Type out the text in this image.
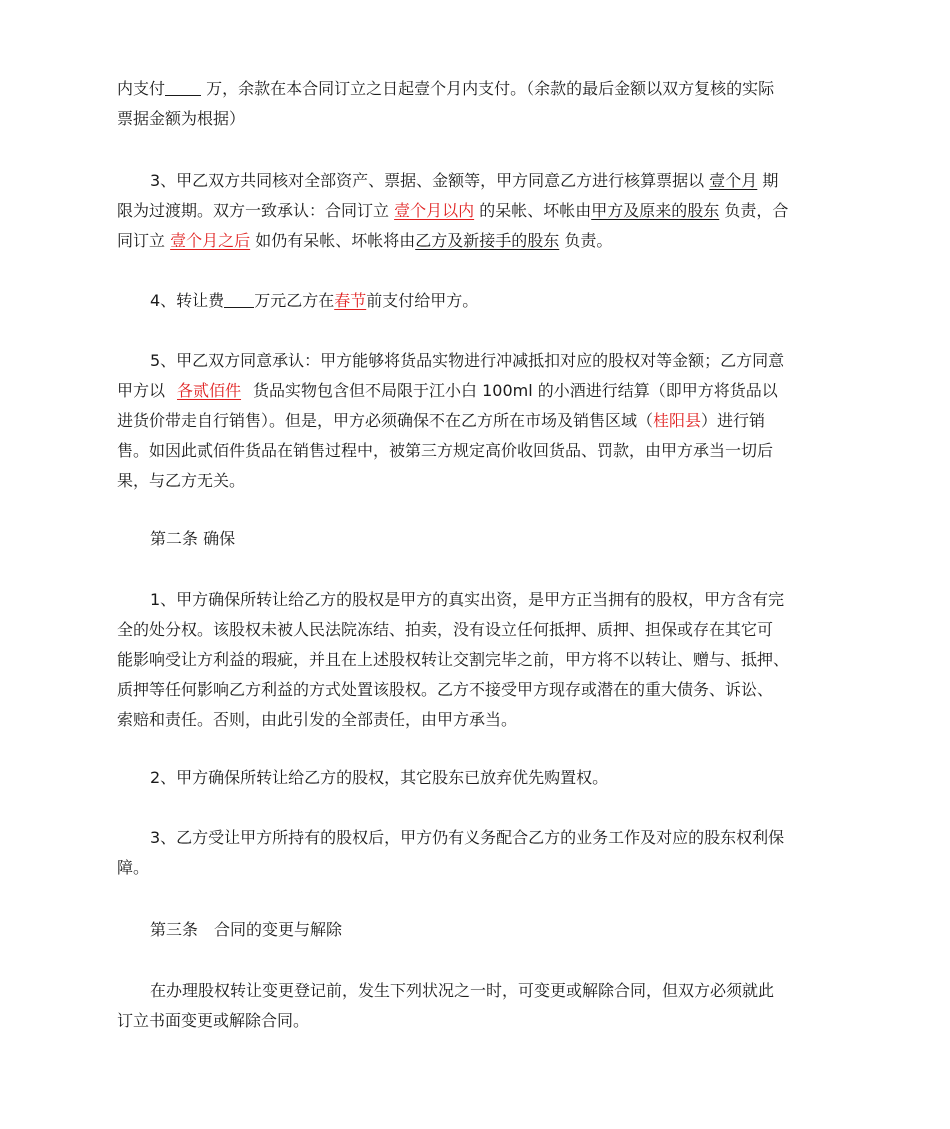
内支付 万，余款在本合同订立之日起壹个月内支付。（余款的最后金额以双方复核的实际
票据金额为根据）
3、甲乙双方共同核对全部资产、票据、金额等，甲方同意乙方进行核算票据以 壹个月 期
限为过渡期。双方一致承认：合同订立 壹个月以内 的呆帐、坏帐由甲方及原来的股东 负责，合
同订立 壹个月之后 如仍有呆帐、坏帐将由乙方及新接手的股东 负责。
4、转让费 万元乙方在春节前支付给甲方。
5、甲乙双方同意承认：甲方能够将货品实物进行冲减抵扣对应的股权对等金额；乙方同意
甲方以 各贰佰件 货品实物包含但不局限于江小白 100ml 的小酒进行结算（即甲方将货品以
进货价带走自行销售）。但是，甲方必须确保不在乙方所在市场及销售区域（桂阳县）进行销
售。如因此贰佰件货品在销售过程中，被第三方规定高价收回货品、罚款，由甲方承当一切后
果，与乙方无关。
第二条 确保
1、甲方确保所转让给乙方的股权是甲方的真实出资，是甲方正当拥有的股权，甲方含有完
全的处分权。该股权未被人民法院冻结、拍卖，没有设立任何抵押、质押、担保或存在其它可
能影响受让方利益的瑕疵，并且在上述股权转让交割完毕之前，甲方将不以转让、赠与、抵押、
质押等任何影响乙方利益的方式处置该股权。乙方不接受甲方现存或潜在的重大债务、诉讼、
索赔和责任。否则，由此引发的全部责任，由甲方承当。
2、甲方确保所转让给乙方的股权，其它股东已放弃优先购置权。
3、乙方受让甲方所持有的股权后，甲方仍有义务配合乙方的业务工作及对应的股东权利保
障。
第三条　合同的变更与解除
在办理股权转让变更登记前，发生下列状况之一时，可变更或解除合同，但双方必须就此
订立书面变更或解除合同。
